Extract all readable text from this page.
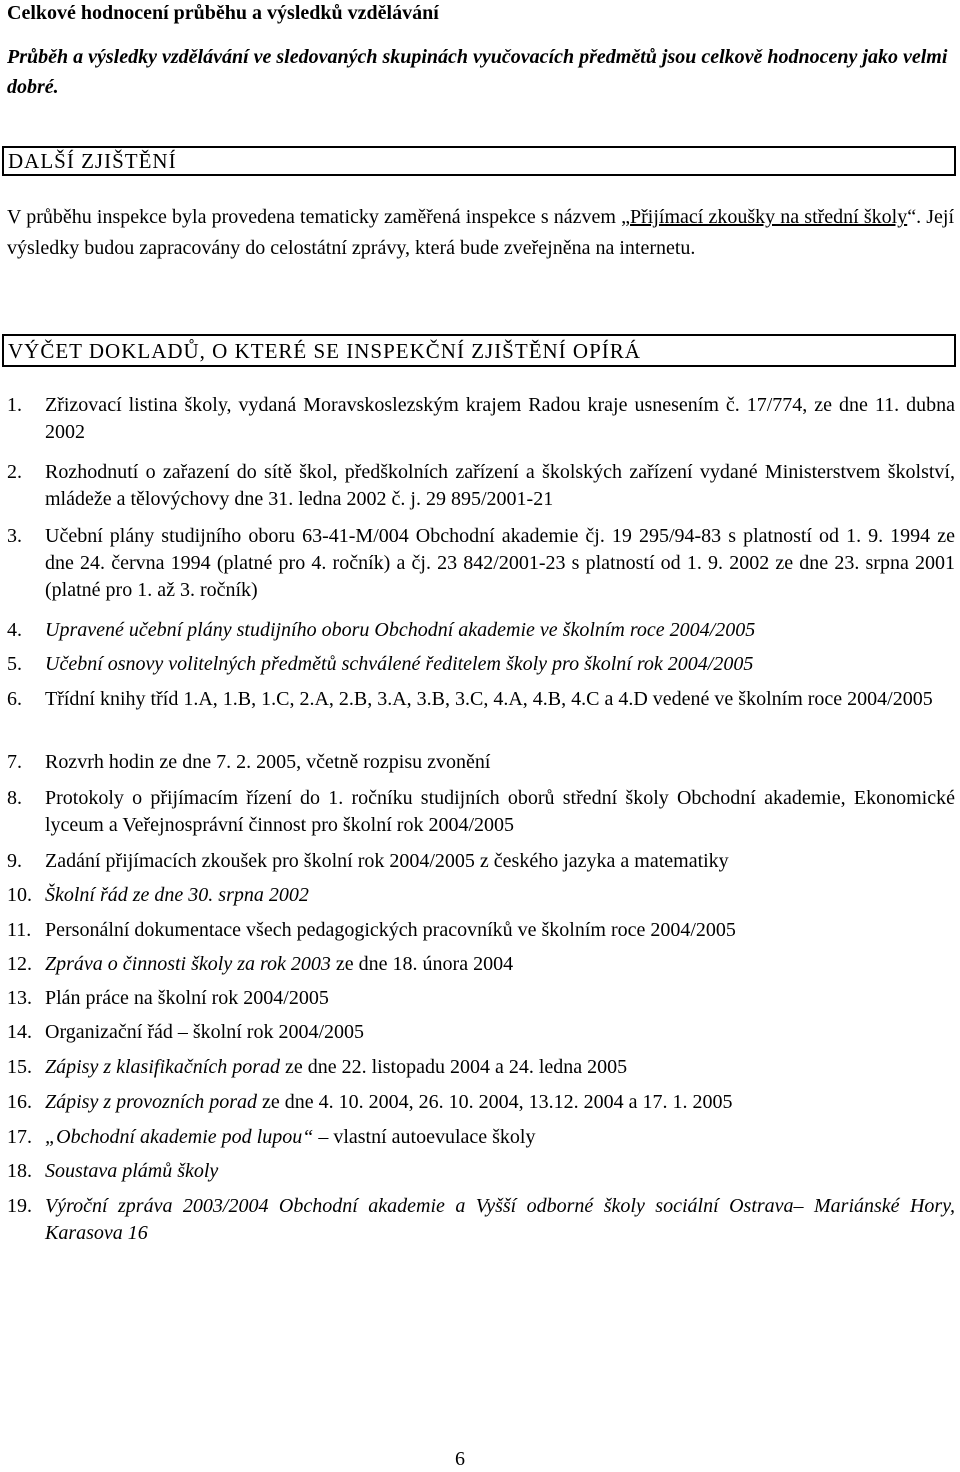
Celkové hodnocení průběhu a výsledků vzdělávání

Průběh a výsledky vzdělávání ve sledovaných skupinách vyučovacích předmětů jsou celkově hodnoceny jako velmi dobré.

DALŠÍ ZJIŠTĚNÍ

V průběhu inspekce byla provedena tematicky zaměřená inspekce s názvem „Přijímací zkoušky na střední školy“. Její výsledky budou zapracovány do celostátní zprávy, která bude zveřejněna na internetu.

VÝČET DOKLADŮ, O KTERÉ SE INSPEKČNÍ ZJIŠTĚNÍ OPÍRÁ
1. Zřizovací listina školy, vydaná Moravskoslezským krajem Radou kraje usnesením č. 17/774, ze dne 11. dubna 2002
2. Rozhodnutí o zařazení do sítě škol, předškolních zařízení a školských zařízení vydané Ministerstvem školství, mládeže a tělovýchovy dne 31. ledna 2002 č. j. 29 895/2001-21
3. Učební plány studijního oboru 63-41-M/004 Obchodní akademie čj. 19 295/94-83 s platností od 1. 9. 1994 ze dne 24. června 1994 (platné pro 4. ročník) a čj. 23 842/2001-23 s platností od 1. 9. 2002 ze dne 23. srpna 2001 (platné pro 1. až 3. ročník)
4. Upravené učební plány studijního oboru Obchodní akademie ve školním roce 2004/2005
5. Učební osnovy volitelných předmětů schválené ředitelem školy pro školní rok 2004/2005
6. Třídní knihy tříd 1.A, 1.B, 1.C, 2.A, 2.B, 3.A, 3.B, 3.C, 4.A, 4.B, 4.C a 4.D vedené ve školním roce 2004/2005
7. Rozvrh hodin ze dne 7. 2. 2005, včetně rozpisu zvonění
8. Protokoly o přijímacím řízení do 1. ročníku studijních oborů střední školy Obchodní akademie, Ekonomické lyceum a Veřejnosprávní činnost pro školní rok 2004/2005
9. Zadání přijímacích zkoušek pro školní rok 2004/2005 z českého jazyka a matematiky
10. Školní řád ze dne 30. srpna 2002
11. Personální dokumentace všech pedagogických pracovníků ve školním roce 2004/2005
12. Zpráva o činnosti školy za rok 2003 ze dne 18. února 2004
13. Plán práce na školní rok 2004/2005
14. Organizační řád – školní rok 2004/2005
15. Zápisy z klasifikačních porad ze dne 22. listopadu 2004 a 24. ledna 2005
16. Zápisy z provozních porad ze dne 4. 10. 2004, 26. 10. 2004, 13.12. 2004 a 17. 1. 2005
17. „Obchodní akademie pod lupou“ – vlastní autoevulace školy
18. Soustava plámů školy
19. Výroční zpráva 2003/2004 Obchodní akademie a Vyšší odborné školy sociální Ostrava– Mariánské Hory, Karasova 16
6
